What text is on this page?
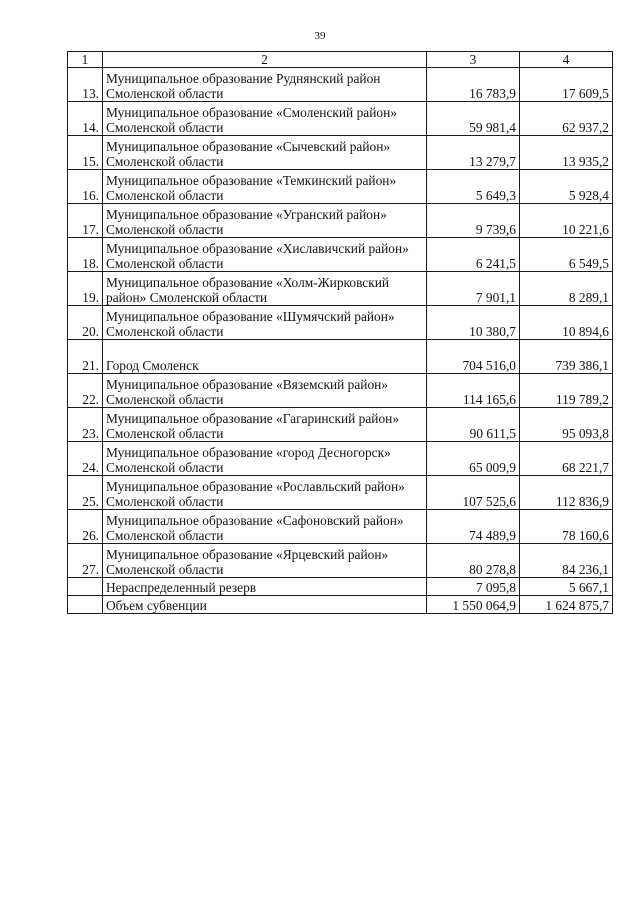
39
1	2	3	4
13.	Муниципальное образование Руднянский район Смоленской области	16 783,9	17 609,5
14.	Муниципальное образование «Смоленский район» Смоленской области	59 981,4	62 937,2
15.	Муниципальное образование «Сычевский район» Смоленской области	13 279,7	13 935,2
16.	Муниципальное образование «Темкинский район» Смоленской области	5 649,3	5 928,4
17.	Муниципальное образование «Угранский район» Смоленской области	9 739,6	10 221,6
18.	Муниципальное образование «Хиславичский район» Смоленской области	6 241,5	6 549,5
19.	Муниципальное образование «Холм-Жирковский район» Смоленской области	7 901,1	8 289,1
20.	Муниципальное образование «Шумячский район» Смоленской области	10 380,7	10 894,6
21.	Город Смоленск	704 516,0	739 386,1
22.	Муниципальное образование «Вяземский район» Смоленской области	114 165,6	119 789,2
23.	Муниципальное образование «Гагаринский район» Смоленской области	90 611,5	95 093,8
24.	Муниципальное образование «город Десногорск» Смоленской области	65 009,9	68 221,7
25.	Муниципальное образование «Рославльский район» Смоленской области	107 525,6	112 836,9
26.	Муниципальное образование «Сафоновский район» Смоленской области	74 489,9	78 160,6
27.	Муниципальное образование «Ярцевский район» Смоленской области	80 278,8	84 236,1
	Нераспределенный резерв	7 095,8	5 667,1
	Объем субвенции	1 550 064,9	1 624 875,7
